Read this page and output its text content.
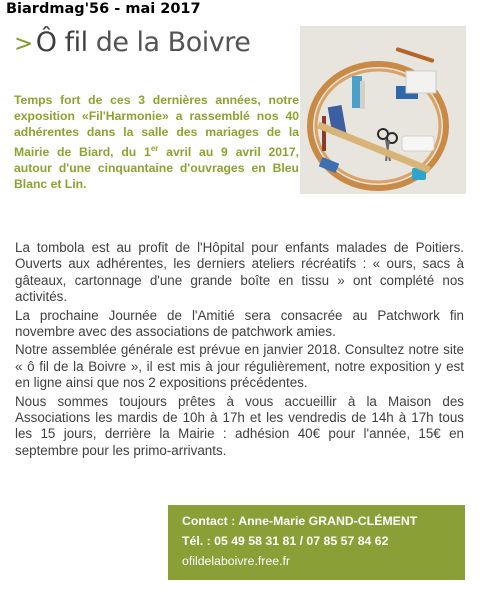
Biardmag'56 - mai 2017
> Ô fil de la Boivre
Temps fort de ces 3 dernières années, notre exposition «Fil'Harmonie» a rassemblé nos 40 adhérentes dans la salle des mariages de la Mairie de Biard, du 1er avril au 9 avril 2017, autour d'une cinquantaine d'ouvrages en Bleu Blanc et Lin.

La tombola est au profit de l'Hôpital pour enfants malades de Poitiers. Ouverts aux adhérentes, les derniers ateliers récréatifs : « ours, sacs à gâteaux, cartonnage d'une grande boîte en tissu » ont complété nos activités.

La prochaine Journée de l'Amitié sera consacrée au Patchwork fin novembre avec des associations de patchwork amies.

Notre assemblée générale est prévue en janvier 2018. Consultez notre site « ô fil de la Boivre », il est mis à jour régulièrement, notre exposition y est en ligne ainsi que nos 2 expositions précédentes.

Nous sommes toujours prêtes à vous accueillir à la Maison des Associations les mardis de 10h à 17h et les vendredis de 14h à 17h tous les 15 jours, derrière la Mairie : adhésion 40€ pour l'année, 15€ en septembre pour les primo-arrivants.

Contact : Anne-Marie GRAND-CLÉMENT
Tél. : 05 49 58 31 81 / 07 85 57 84 62
ofildelaboivre.free.fr
